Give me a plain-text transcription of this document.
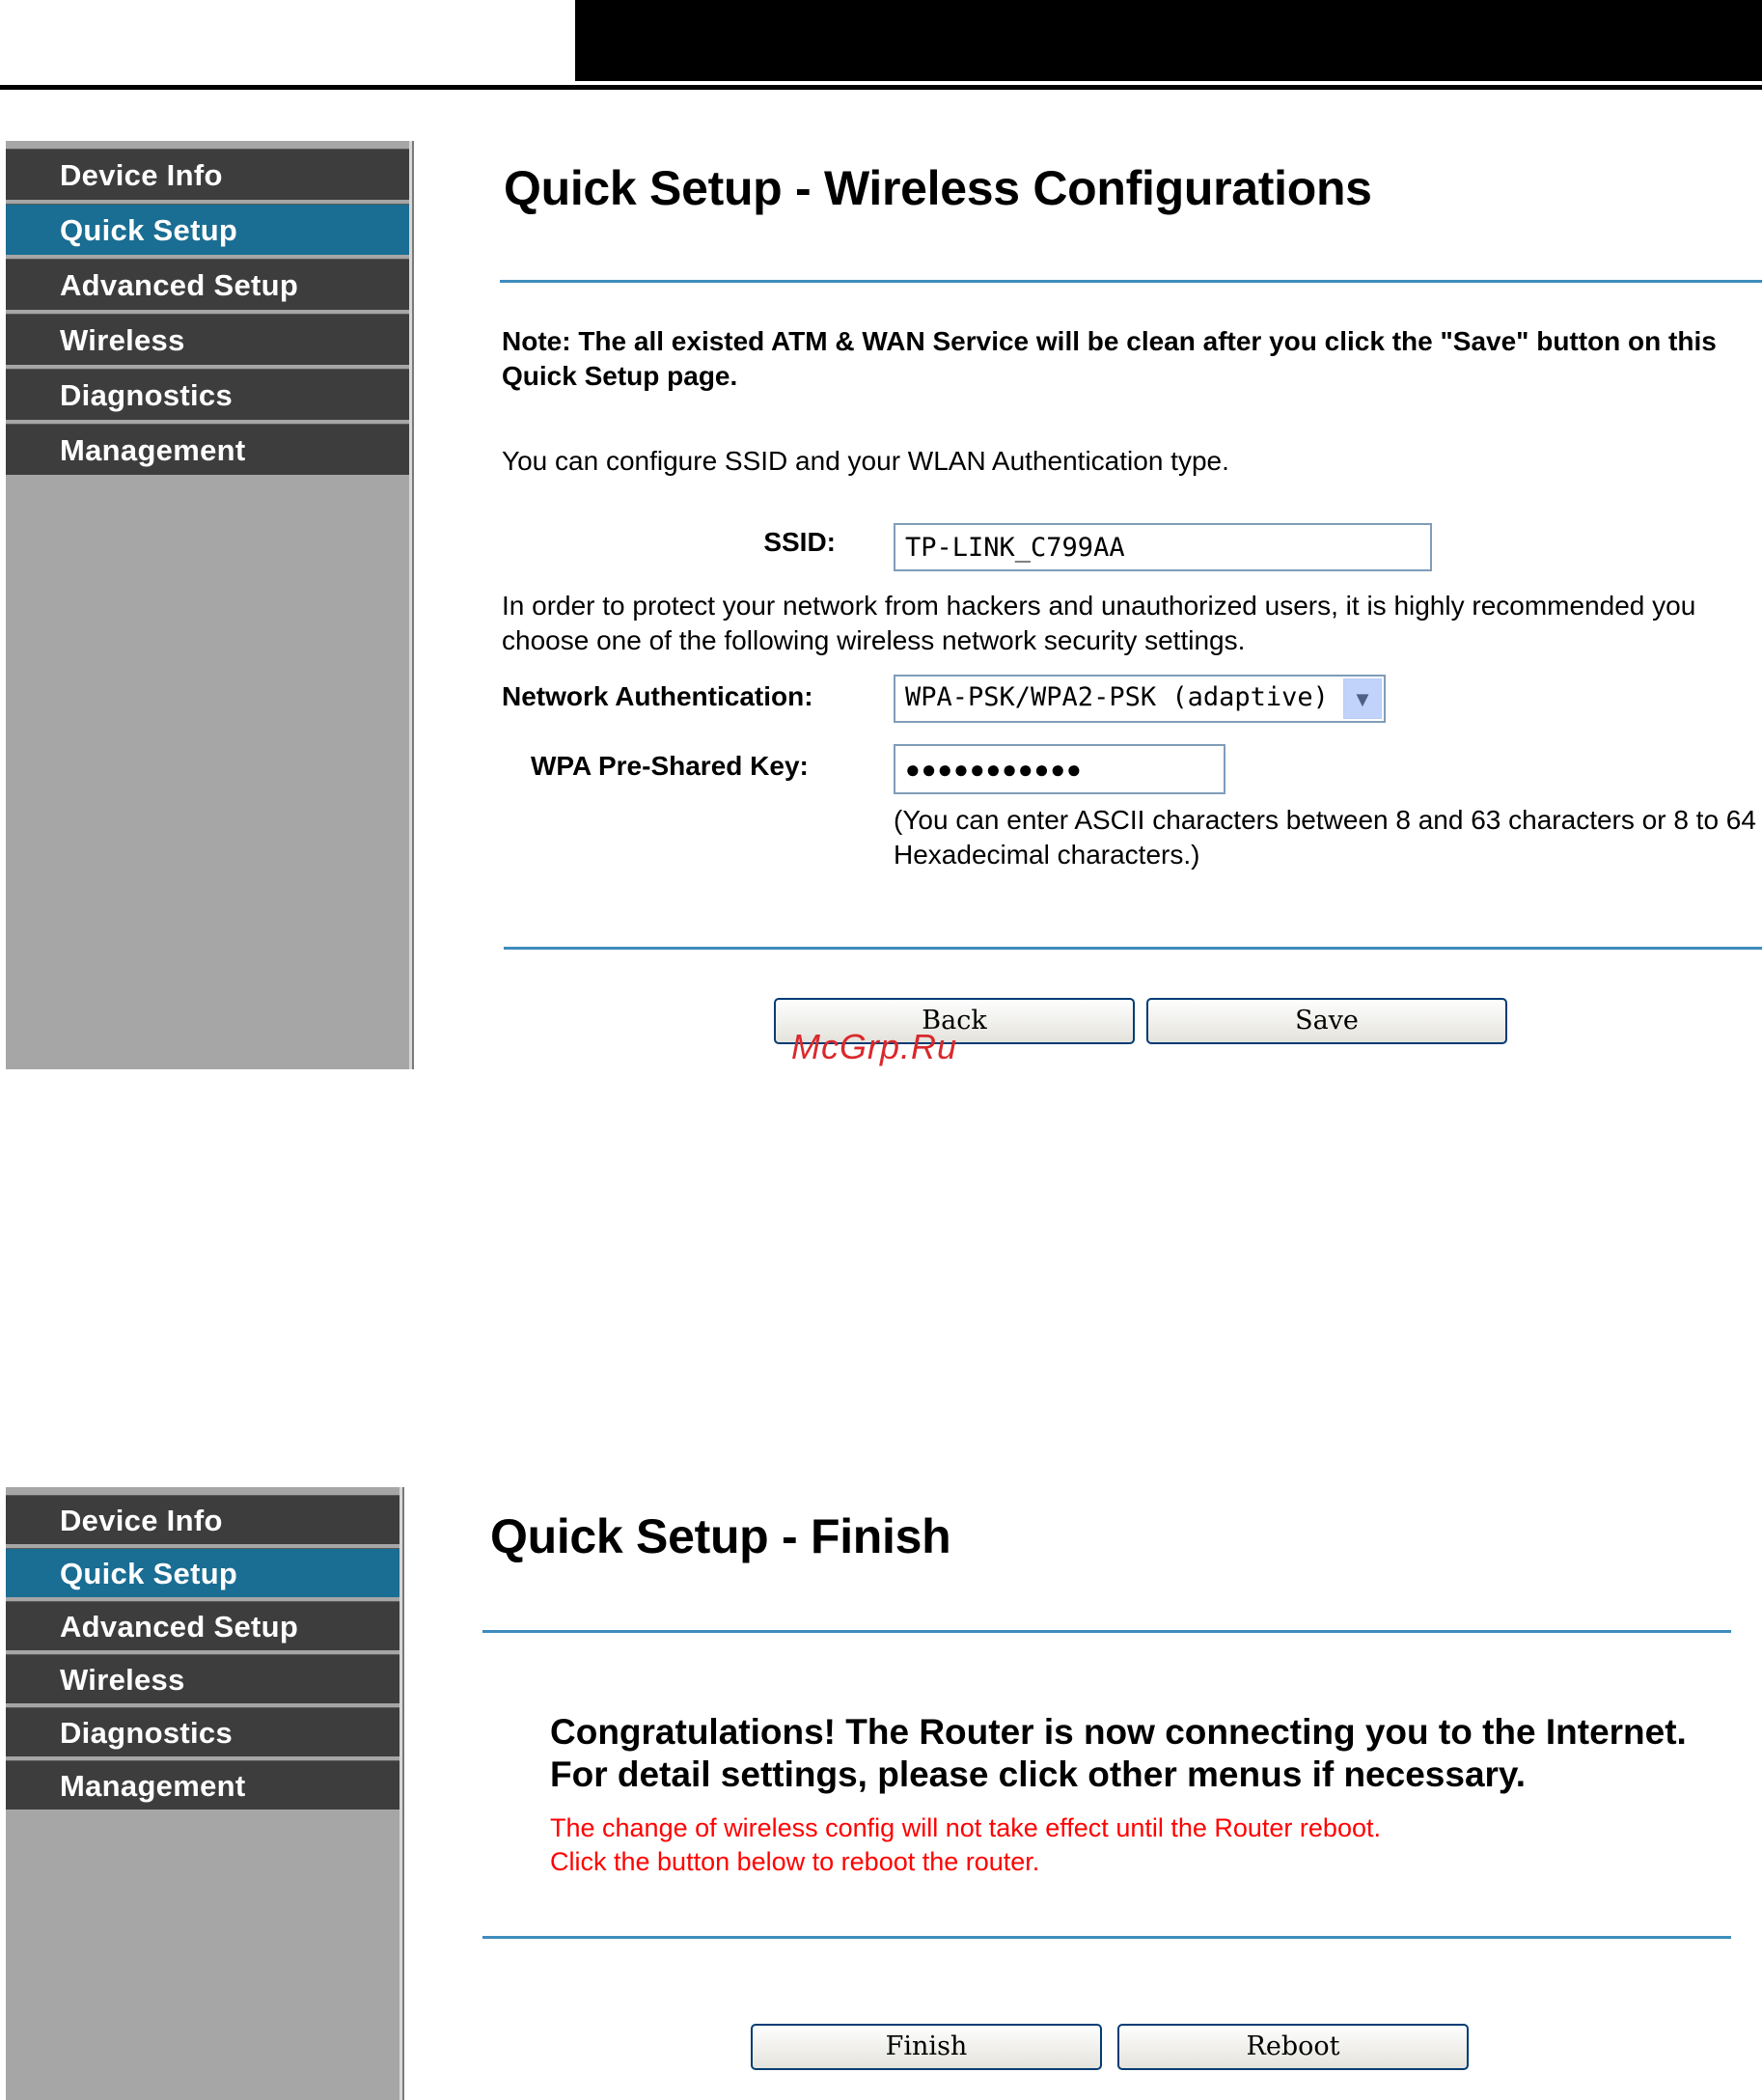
Device Info
Quick Setup
Advanced Setup
Wireless
Diagnostics
Management
Quick Setup - Wireless Configurations
Note: The all existed ATM & WAN Service will be clean after you click the "Save" button on this Quick Setup page.
You can configure SSID and your WLAN Authentication type.
SSID:
TP-LINK_C799AA
In order to protect your network from hackers and unauthorized users, it is highly recommended you choose one of the following wireless network security settings.
Network Authentication:	WPA-PSK/WPA2-PSK (adaptive)	▼
WPA Pre-Shared Key:
●●●●●●●●●●●
(You can enter ASCII characters between 8 and 63 characters or 8 to 64 Hexadecimal characters.)
Back	Save
McGrp.Ru
Device Info
Quick Setup
Advanced Setup
Wireless
Diagnostics
Management
Quick Setup - Finish
Congratulations! The Router is now connecting you to the Internet.
For detail settings, please click other menus if necessary.
The change of wireless config will not take effect until the Router reboot.
Click the button below to reboot the router.
Finish	Reboot
